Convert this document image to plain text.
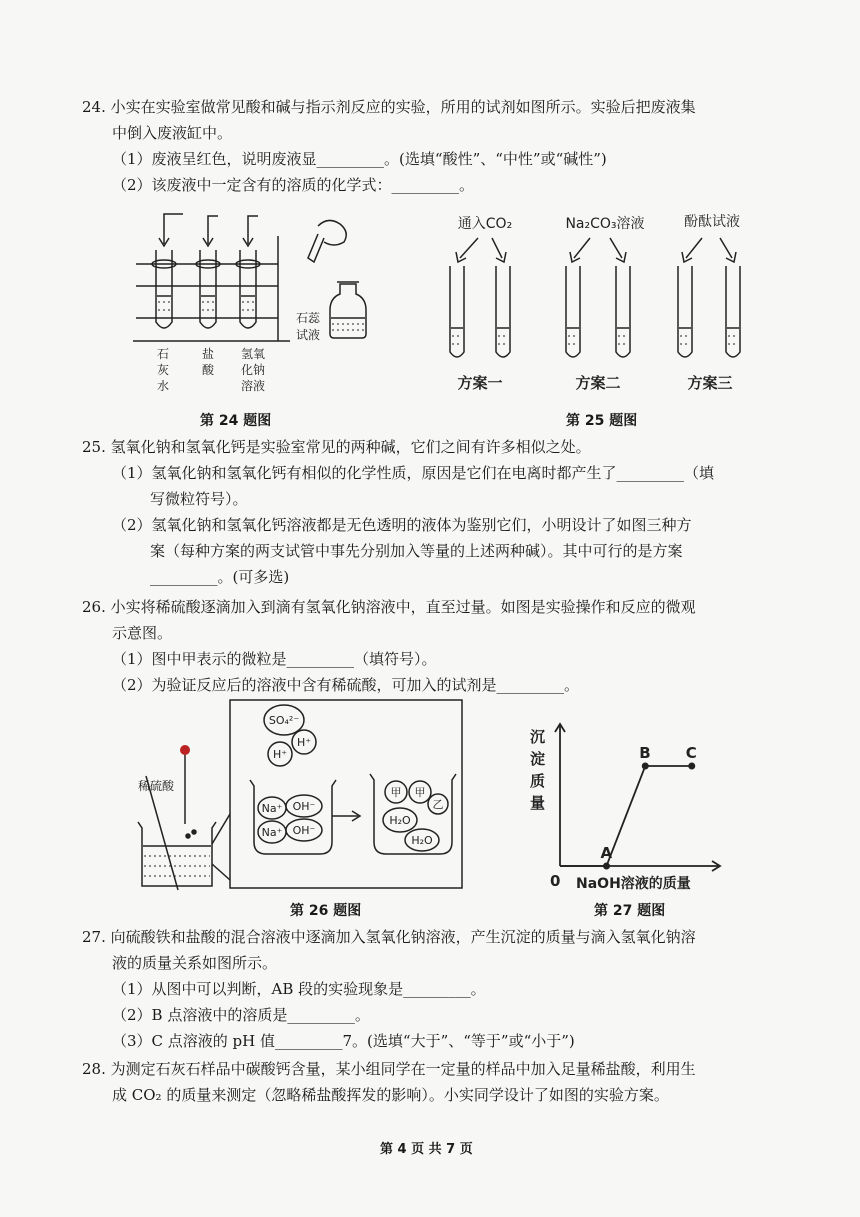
24. 小实在实验室做常见酸和碱与指示剂反应的实验，所用的试剂如图所示。实验后把废液集
中倒入废液缸中。
（1）废液呈红色，说明废液显_________。(选填“酸性”、“中性”或“碱性”)
（2）该废液中一定含有的溶质的化学式：_________。
石
灰
水
盐
酸
氢氧
化钠
溶液
石蕊
试液
第 24 题图
通入CO₂	Na₂CO₃溶液	酚酞试液
方案一	方案二	方案三
第 25 题图
25. 氢氧化钠和氢氧化钙是实验室常见的两种碱，它们之间有许多相似之处。
（1）氢氧化钠和氢氧化钙有相似的化学性质，原因是它们在电离时都产生了_________（填
写微粒符号）。
（2）氢氧化钠和氢氧化钙溶液都是无色透明的液体为鉴别它们，小明设计了如图三种方
案（每种方案的两支试管中事先分别加入等量的上述两种碱）。其中可行的是方案
_________。(可多选)
26. 小实将稀硫酸逐滴加入到滴有氢氧化钠溶液中，直至过量。如图是实验操作和反应的微观
示意图。
（1）图中甲表示的微粒是_________（填符号）。
（2）为验证反应后的溶液中含有稀硫酸，可加入的试剂是_________。
稀硫酸
SO₄²⁻
H⁺
H⁺
Na⁺ OH⁻
Na⁺ OH⁻
甲 甲
乙
H₂O
H₂O
第 26 题图
A
B C
沉
淀
质
量
0 NaOH溶液的质量
第 27 题图
27. 向硫酸铁和盐酸的混合溶液中逐滴加入氢氧化钠溶液，产生沉淀的质量与滴入氢氧化钠溶
液的质量关系如图所示。
（1）从图中可以判断，AB 段的实验现象是_________。
（2）B 点溶液中的溶质是_________。
（3）C 点溶液的 pH 值_________7。(选填“大于”、“等于”或“小于”)
28. 为测定石灰石样品中碳酸钙含量，某小组同学在一定量的样品中加入足量稀盐酸，利用生
成 CO₂ 的质量来测定（忽略稀盐酸挥发的影响）。小实同学设计了如图的实验方案。
第 4 页 共 7 页
